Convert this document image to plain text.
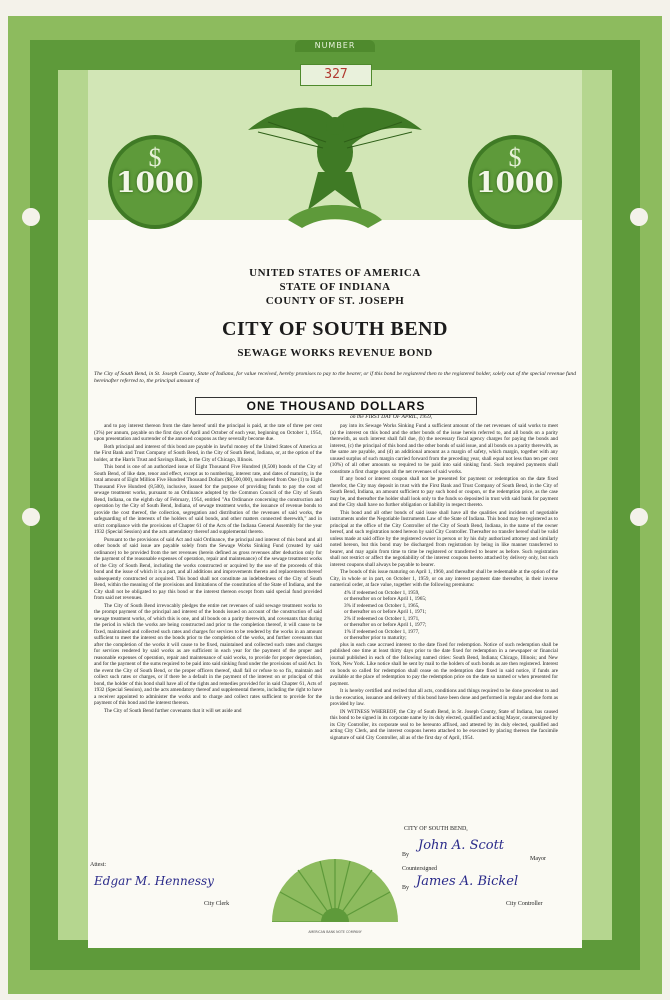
NUMBER
327
$
1000
$
1000
UNITED STATES OF AMERICA
STATE OF INDIANA
COUNTY OF ST. JOSEPH
CITY OF SOUTH BEND
SEWAGE WORKS REVENUE BOND
The City of South Bend, in St. Joseph County, State of Indiana, for value received, hereby promises to pay to the bearer, or if this bond be registered then to the registered holder, solely out of the special revenue fund hereinafter referred to, the principal amount of
ONE THOUSAND DOLLARS
on the FIRST DAY OF APRIL, 1959,

and to pay interest thereon from the date hereof until the principal is paid, at the rate of three per cent (3%) per annum, payable on the first days of April and October of each year, beginning on October 1, 1954, upon presentation and surrender of the annexed coupons as they severally become due.

Both principal and interest of this bond are payable in lawful money of the United States of America at the First Bank and Trust Company of South Bend, in the City of South Bend, Indiana, or, at the option of the holder, at the Harris Trust and Savings Bank, in the City of Chicago, Illinois.

This bond is one of an authorized issue of Eight Thousand Five Hundred (8,500) bonds of the City of South Bend, of like date, tenor and effect, except as to numbering, interest rate, and dates of maturity, in the total amount of Eight Million Five Hundred Thousand Dollars ($8,500,000), numbered from One (1) to Eight Thousand Five Hundred (8,500), inclusive, issued for the purpose of providing funds to pay the cost of sewage treatment works, pursuant to an Ordinance adopted by the Common Council of the City of South Bend, Indiana, on the eighth day of February, 1954, entitled "An Ordinance concerning the construction and operation by the City of South Bend, Indiana, of sewage treatment works, the issuance of revenue bonds to provide the cost thereof, the collection, segregation and distribution of the revenues of said works, the safeguarding of the interests of the holders of said bonds, and other matters connected therewith," and in strict compliance with the provisions of Chapter 61 of the Acts of the Indiana General Assembly for the year 1932 (Special Session) and the acts amendatory thereof and supplemental thereto.

Pursuant to the provisions of said Act and said Ordinance, the principal and interest of this bond and all other bonds of said issue are payable solely from the Sewage Works Sinking Fund (created by said ordinance) to be provided from the net revenues (herein defined as gross revenues after deduction only for the payment of the reasonable expenses of operation, repair and maintenance) of the sewage treatment works of the City of South Bend, including the works constructed or acquired by the use of the proceeds of this bond and the issue of which it is a part, and all additions and improvements thereto and replacements thereof subsequently constructed or acquired. This bond shall not constitute an indebtedness of the City of South Bend, within the meaning of the provisions and limitations of the constitution of the State of Indiana, and the City shall not be obligated to pay this bond or the interest thereon except from said special fund provided from said net revenues.

The City of South Bend irrevocably pledges the entire net revenues of said sewage treatment works to the prompt payment of the principal and interest of the bonds issued on account of the construction of said sewage treatment works, of which this is one, and all bonds on a parity therewith, and covenants that during the period in which the works are being constructed and prior to the completion thereof, it will cause to be fixed, maintained and collected such rates and charges for services to be rendered by the works in an amount sufficient to meet the interest on the bonds prior to the completion of the works, and further covenants that after the completion of the works it will cause to be fixed, maintained and collected such rates and charges for services rendered by said works as are sufficient in each year for the payment of the proper and reasonable expenses of operation, repair and maintenance of said works, to provide for proper depreciation, and for the payment of the sums required to be paid into said sinking fund under the provisions of said Act. In the event the City of South Bend, or the proper officers thereof, shall fail or refuse to so fix, maintain and collect such rates or charges, or if there be a default in the payment of the interest on or principal of this bond, the holder of this bond shall have all of the rights and remedies provided for in said Chapter 61, Acts of 1932 (Special Session), and the acts amendatory thereof and supplemental thereto, including the right to have a receiver appointed to administer the works and to charge and collect rates sufficient to provide for the payment of this bond and the interest thereon.

The City of South Bend further covenants that it will set aside and

pay into its Sewage Works Sinking Fund a sufficient amount of the net revenues of said works to meet (a) the interest on this bond and the other bonds of the issue herein referred to, and all bonds on a parity therewith, as such interest shall fall due, (b) the necessary fiscal agency charges for paying the bonds and interest, (c) the principal of this bond and the other bonds of said issue, and all bonds on a parity therewith, as the same are payable, and (d) an additional amount as a margin of safety, which margin, together with any unused surplus of such margin carried forward from the preceding year, shall equal not less than ten per cent (10%) of all other amounts so required to be paid into said sinking fund. Such required payments shall constitute a first charge upon all the net revenues of said works.

If any bond or interest coupon shall not be presented for payment or redemption on the date fixed therefor, the City may deposit in trust with the First Bank and Trust Company of South Bend, in the City of South Bend, Indiana, an amount sufficient to pay such bond or coupon, or the redemption price, as the case may be, and thereafter the holder shall look only to the funds so deposited in trust with said bank for payment and the City shall have no further obligation or liability in respect thereto.

This bond and all other bonds of said issue shall have all the qualities and incidents of negotiable instruments under the Negotiable Instruments Law of the State of Indiana. This bond may be registered as to principal at the office of the City Controller of the City of South Bend, Indiana, in the name of the owner hereof, and such registration noted hereon by said City Controller. Thereafter no transfer hereof shall be valid unless made at said office by the registered owner in person or by his duly authorized attorney and similarly noted hereon, but this bond may be discharged from registration by being in like manner transferred to bearer, and may again from time to time be registered or transferred to bearer as before. Such registration shall not restrict or affect the negotiability of the interest coupons hereto attached by delivery only, but such interest coupons shall always be payable to bearer.

The bonds of this issue maturing on April 1, 1960, and thereafter shall be redeemable at the option of the City, in whole or in part, on October 1, 1959, or on any interest payment date thereafter, in their inverse numerical order, at face value, together with the following premiums:

4% if redeemed on October 1, 1959,
or thereafter on or before April 1, 1965;
3% if redeemed on October 1, 1965,
or thereafter on or before April 1, 1971;
2% if redeemed on October 1, 1971,
or thereafter on or before April 1, 1977;
1% if redeemed on October 1, 1977,
or thereafter prior to maturity;

plus in each case accrued interest to the date fixed for redemption. Notice of such redemption shall be published one time at least thirty days prior to the date fixed for redemption in a newspaper or financial journal published in each of the following named cities: South Bend, Indiana; Chicago, Illinois; and New York, New York. Like notice shall be sent by mail to the holders of such bonds as are then registered. Interest on bonds so called for redemption shall cease on the redemption date fixed in said notice, if funds are available at the place of redemption to pay the redemption price on the date so named or when presented for payment.

It is hereby certified and recited that all acts, conditions and things required to be done precedent to and in the execution, issuance and delivery of this bond have been done and performed in regular and due form as provided by law.

IN WITNESS WHEREOF, the City of South Bend, in St. Joseph County, State of Indiana, has caused this bond to be signed in its corporate name by its duly elected, qualified and acting Mayor, countersigned by its City Controller, its corporate seal to be hereunto affixed, and attested by its duly elected, qualified and acting City Clerk, and the interest coupons hereto attached to be executed by placing thereon the facsimile signature of said City Controller, all as of the first day of April, 1954.

CITY OF SOUTH BEND,
By
John A. Scott
Mayor
Countersigned
By James A. Bickel
City Controller
Attest:
Edgar M. Hennessy
City Clerk
AMERICAN BANK NOTE COMPANY
